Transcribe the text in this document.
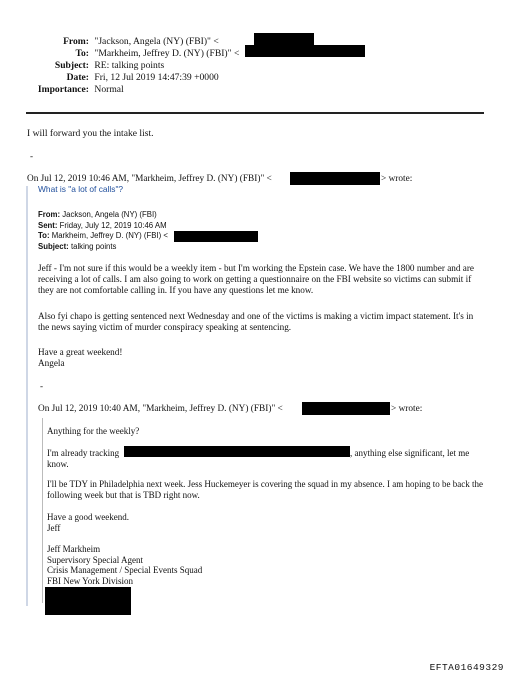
From: "Jackson, Angela (NY) (FBI)" <
To: "Markheim, Jeffrey D. (NY) (FBI)" <
Subject: RE: talking points
Date: Fri, 12 Jul 2019 14:47:39 +0000
Importance: Normal
I will forward you the intake list.
-
On Jul 12, 2019 10:46 AM, "Markheim, Jeffrey D. (NY) (FBI)" <	> wrote:
What is "a lot of calls"?
From: Jackson, Angela (NY) (FBI)
Sent: Friday, July 12, 2019 10:46 AM
To: Markheim, Jeffrey D. (NY) (FBI) <
Subject: talking points
Jeff - I'm not sure if this would be a weekly item - but I'm working the Epstein case. We have the 1800 number and are receiving a lot of calls. I am also going to work on getting a questionnaire on the FBI website so victims can submit if they are not comfortable calling in. If you have any questions let me know.
Also fyi chapo is getting sentenced next Wednesday and one of the victims is making a victim impact statement. It's in the news saying victim of murder conspiracy speaking at sentencing.
Have a great weekend!
Angela
-
On Jul 12, 2019 10:40 AM, "Markheim, Jeffrey D. (NY) (FBI)" <	> wrote:
Anything for the weekly?
I'm already tracking	, anything else significant, let me
know.
I'll be TDY in Philadelphia next week. Jess Huckemeyer is covering the squad in my absence. I am hoping to be back the following week but that is TBD right now.
Have a good weekend.
Jeff
Jeff Markheim
Supervisory Special Agent
Crisis Management / Special Events Squad
FBI New York Division
EFTA01649329
